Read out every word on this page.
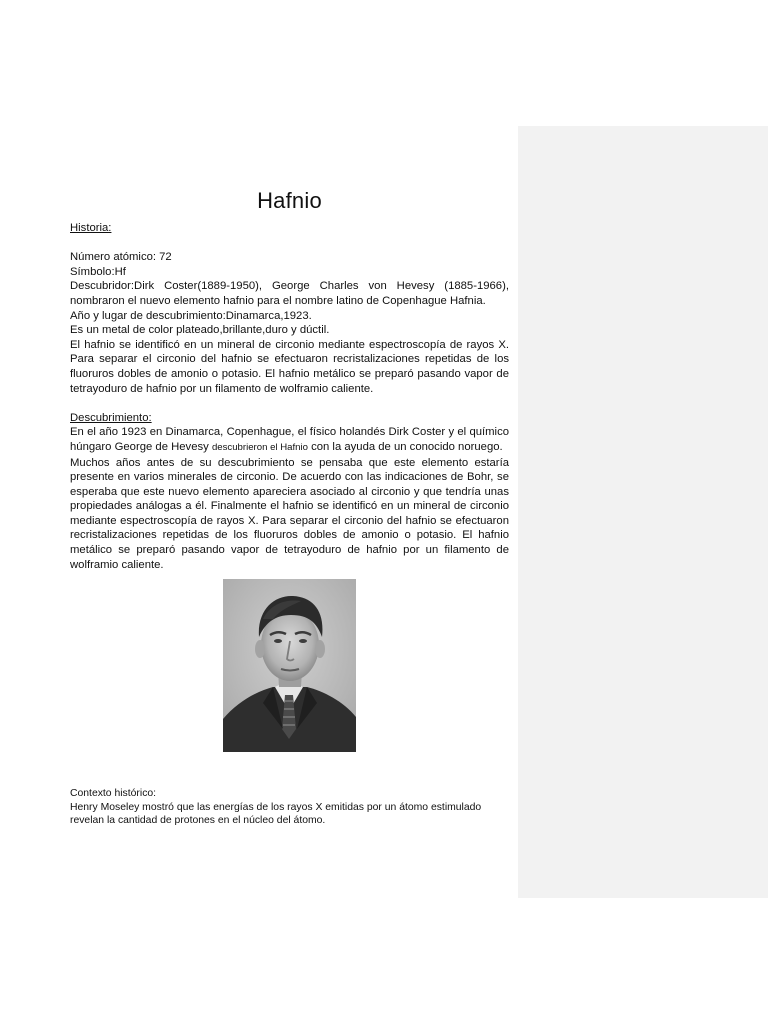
Hafnio

Historia:

Número atómico: 72

Símbolo:Hf

Descubridor:Dirk Coster(1889-1950), George Charles von Hevesy (1885-1966), nombraron el nuevo elemento hafnio para el nombre latino de Copenhague Hafnia.

Año y lugar de descubrimiento:Dinamarca,1923.

Es un metal de color plateado,brillante,duro y dúctil.

El hafnio se identificó en un mineral de circonio mediante espectroscopía de rayos X. Para separar el circonio del hafnio se efectuaron recristalizaciones repetidas de los fluoruros dobles de amonio o potasio. El hafnio metálico se preparó pasando vapor de tetrayoduro de hafnio por un filamento de wolframio caliente.

Descubrimiento:

En el año 1923 en Dinamarca, Copenhague, el físico holandés Dirk Coster y el químico húngaro George de Hevesy descubrieron el Hafnio con la ayuda de un conocido noruego.

Muchos años antes de su descubrimiento se pensaba que este elemento estaría presente en varios minerales de circonio. De acuerdo con las indicaciones de Bohr, se esperaba que este nuevo elemento apareciera asociado al circonio y que tendría unas propiedades análogas a él. Finalmente el hafnio se identificó en un mineral de circonio mediante espectroscopía de rayos X. Para separar el circonio del hafnio se efectuaron recristalizaciones repetidas de los fluoruros dobles de amonio o potasio. El hafnio metálico se preparó pasando vapor de tetrayoduro de hafnio por un filamento de wolframio caliente.

Contexto histórico:

Henry Moseley mostró que las energías de los rayos X emitidas por un átomo estimulado revelan la cantidad de protones en el núcleo del átomo.
